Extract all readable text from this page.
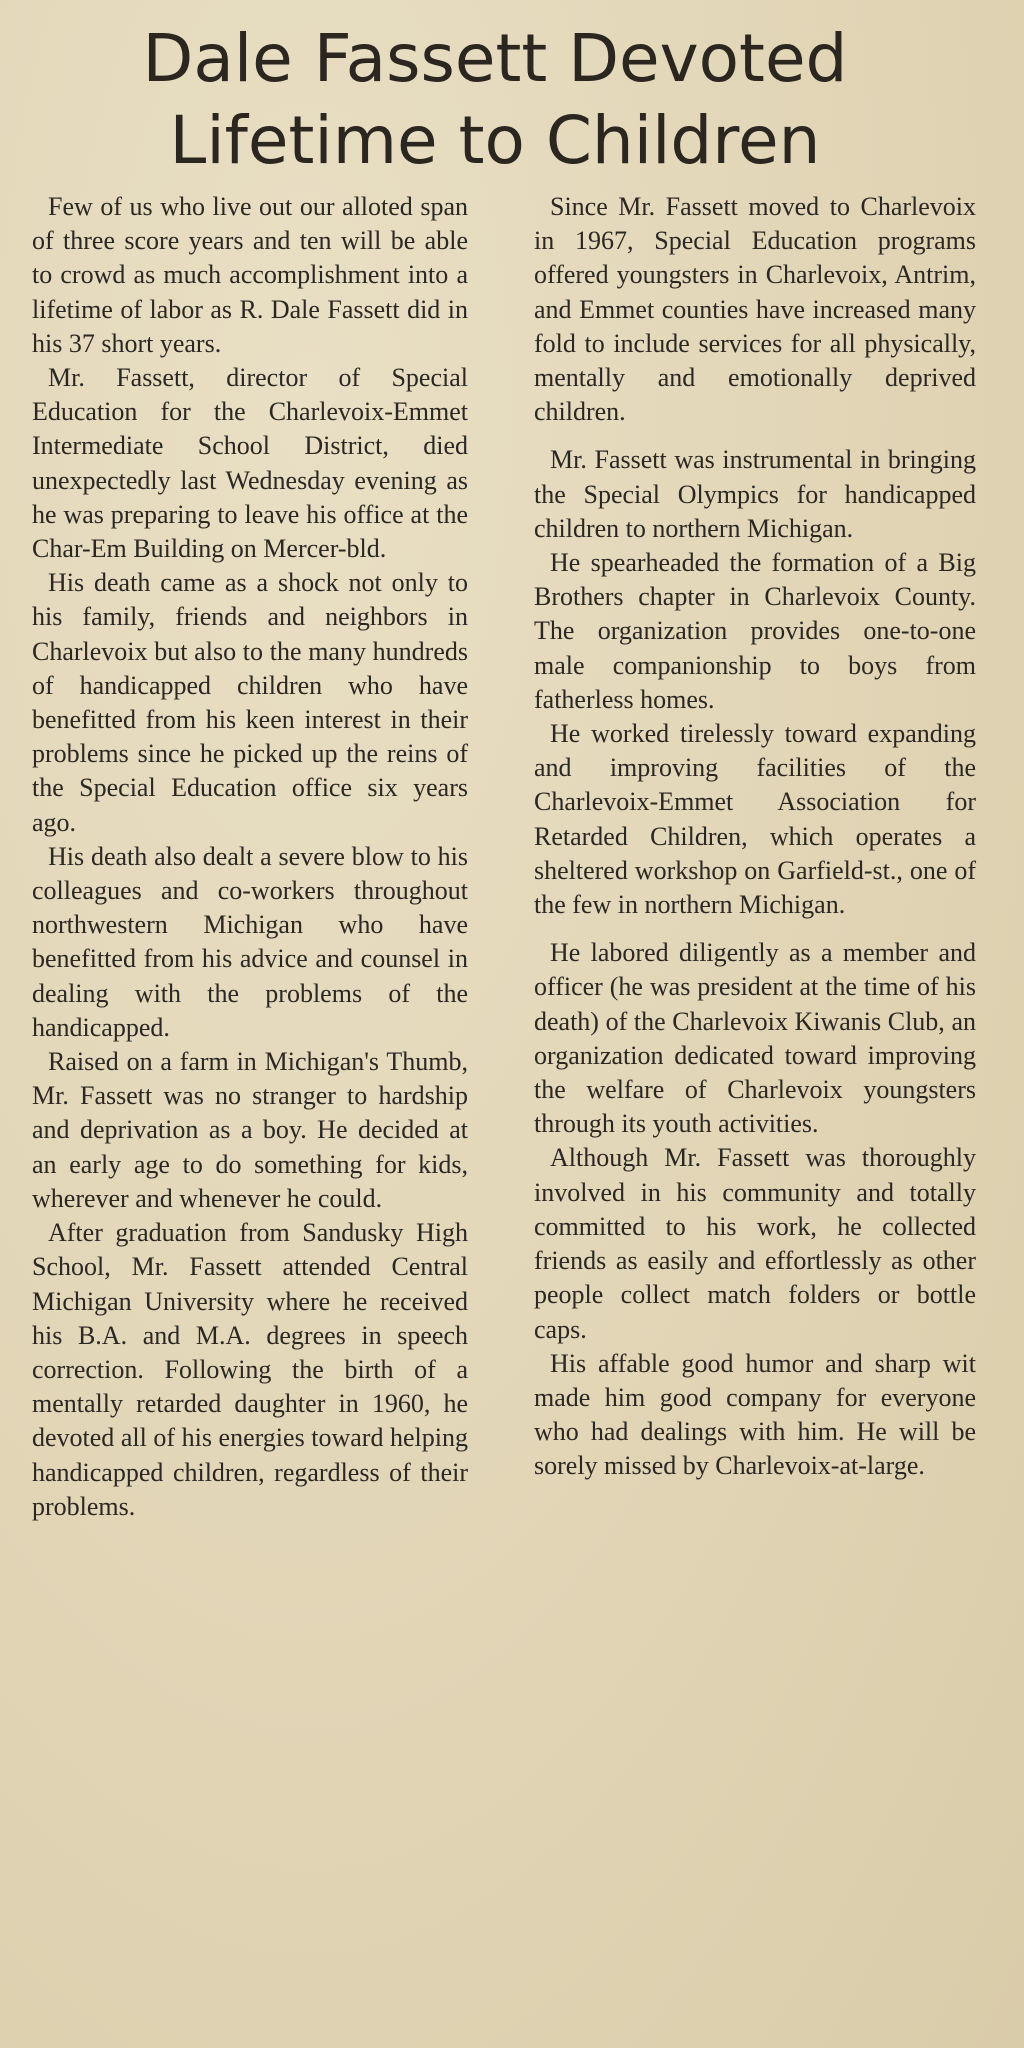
Dale Fassett Devoted
Lifetime to Children

Few of us who live out our alloted span of three score years and ten will be able to crowd as much accomplishment into a lifetime of labor as R. Dale Fassett did in his 37 short years.

Mr. Fassett, director of Special Education for the Charlevoix-Emmet Intermediate School District, died unexpectedly last Wednesday evening as he was preparing to leave his office at the Char-Em Building on Mercer-bld.

His death came as a shock not only to his family, friends and neighbors in Charlevoix but also to the many hundreds of handicapped children who have benefitted from his keen interest in their problems since he picked up the reins of the Special Education office six years ago.

His death also dealt a severe blow to his colleagues and co-workers throughout northwestern Michigan who have benefitted from his advice and counsel in dealing with the problems of the handicapped.

Raised on a farm in Michigan's Thumb, Mr. Fassett was no stranger to hardship and deprivation as a boy. He decided at an early age to do something for kids, wherever and whenever he could.

After graduation from Sandusky High School, Mr. Fassett attended Central Michigan University where he received his B.A. and M.A. degrees in speech correction. Following the birth of a mentally retarded daughter in 1960, he devoted all of his energies toward helping handicapped children, regardless of their problems.

Since Mr. Fassett moved to Charlevoix in 1967, Special Education programs offered youngsters in Charlevoix, Antrim, and Emmet counties have increased many fold to include services for all physically, mentally and emotionally deprived children.

Mr. Fassett was instrumental in bringing the Special Olympics for handicapped children to northern Michigan.

He spearheaded the formation of a Big Brothers chapter in Charlevoix County. The organization provides one-to-one male companionship to boys from fatherless homes.

He worked tirelessly toward expanding and improving facilities of the Charlevoix-Emmet Association for Retarded Children, which operates a sheltered workshop on Garfield-st., one of the few in northern Michigan.

He labored diligently as a member and officer (he was president at the time of his death) of the Charlevoix Kiwanis Club, an organization dedicated toward improving the welfare of Charlevoix youngsters through its youth activities.

Although Mr. Fassett was thoroughly involved in his community and totally committed to his work, he collected friends as easily and effortlessly as other people collect match folders or bottle caps.

His affable good humor and sharp wit made him good company for everyone who had dealings with him. He will be sorely missed by Charlevoix-at-large.
